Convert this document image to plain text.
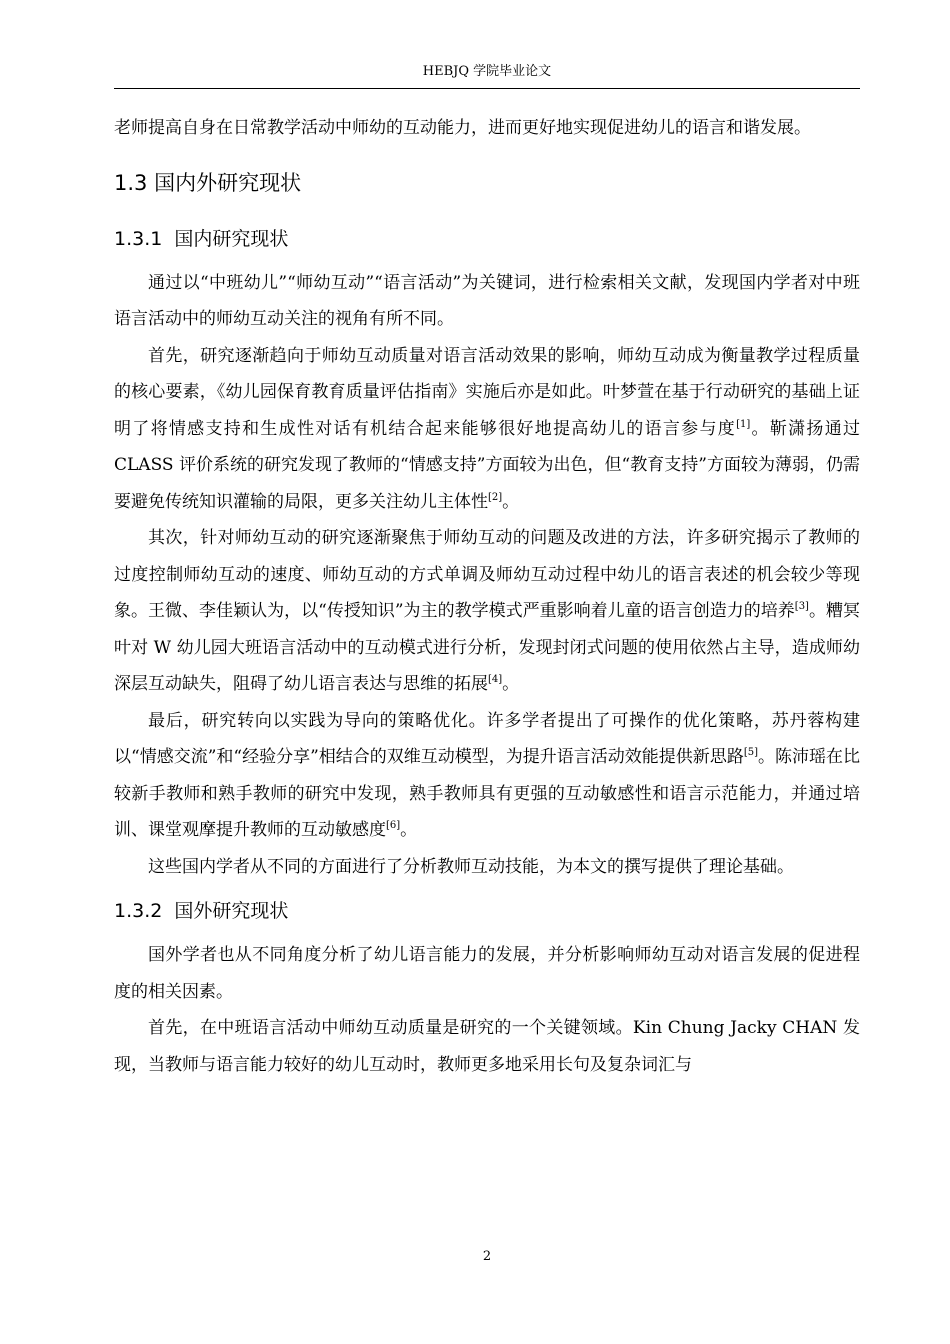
HEBJQ 学院毕业论文

老师提高自身在日常教学活动中师幼的互动能力，进而更好地实现促进幼儿的语言和谐发展。

1.3 国内外研究现状
1.3.1 国内研究现状

通过以“中班幼儿”“师幼互动”“语言活动”为关键词，进行检索相关文献，发现国内学者对中班语言活动中的师幼互动关注的视角有所不同。

首先，研究逐渐趋向于师幼互动质量对语言活动效果的影响，师幼互动成为衡量教学过程质量的核心要素，《幼儿园保育教育质量评估指南》实施后亦是如此。叶梦萱在基于行动研究的基础上证明了将情感支持和生成性对话有机结合起来能够很好地提高幼儿的语言参与度[1]。靳潇扬通过 CLASS 评价系统的研究发现了教师的“情感支持”方面较为出色，但“教育支持”方面较为薄弱，仍需要避免传统知识灌输的局限，更多关注幼儿主体性[2]。

其次，针对师幼互动的研究逐渐聚焦于师幼互动的问题及改进的方法，许多研究揭示了教师的过度控制师幼互动的速度、师幼互动的方式单调及师幼互动过程中幼儿的语言表述的机会较少等现象。王微、李佳颖认为，以“传授知识”为主的教学模式严重影响着儿童的语言创造力的培养[3]。糟冥叶对 W 幼儿园大班语言活动中的互动模式进行分析，发现封闭式问题的使用依然占主导，造成师幼深层互动缺失，阻碍了幼儿语言表达与思维的拓展[4]。

最后，研究转向以实践为导向的策略优化。许多学者提出了可操作的优化策略，苏丹蓉构建以“情感交流”和“经验分享”相结合的双维互动模型，为提升语言活动效能提供新思路[5]。陈沛瑶在比较新手教师和熟手教师的研究中发现，熟手教师具有更强的互动敏感性和语言示范能力，并通过培训、课堂观摩提升教师的互动敏感度[6]。

这些国内学者从不同的方面进行了分析教师互动技能，为本文的撰写提供了理论基础。

1.3.2 国外研究现状

国外学者也从不同角度分析了幼儿语言能力的发展，并分析影响师幼互动对语言发展的促进程度的相关因素。

首先，在中班语言活动中师幼互动质量是研究的一个关键领域。Kin Chung Jacky CHAN 发现，当教师与语言能力较好的幼儿互动时，教师更多地采用长句及复杂词汇与

2
